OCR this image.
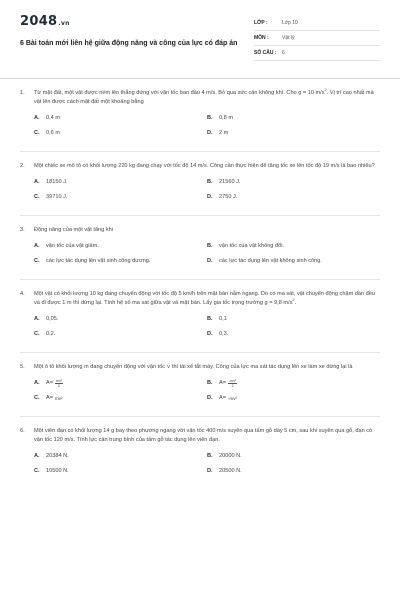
2048.vn
6 Bài toán mới liên hệ giữa động năng và công của lực có đáp án
LỚP :	Lớp 10
MÔN :	Vật lý
SỐ CÂU :	6
1.	Từ mặt đất, một vật được ném lên thẳng đứng với vận tốc ban đầu 4 m/s. Bỏ qua sức cản không khí. Cho g = 10 $m/s^2$. Vị trí cao nhất mà vật lên được cách mặt đất một khoảng bằng
A.	0,4 m	B.	0,8 m
C.	0,6 m	D.	2 m
2.	Một chiếc xe mô tô có khối lượng 220 kg đang chạy với tốc độ 14 m/s. Công cần thực hiện để tăng tốc xe lên tốc độ 19 m/s là bao nhiêu?
A.	18150 J.	B.	21560 J.
C.	39710 J.	D.	2750 J.
3.	Động năng của một vật tăng khi
A.	vận tốc của vật giảm.	B.	vận tốc của vật không đổi.
C.	các lực tác dụng lên vật sinh công dương.	D.	các lực tác dụng lên vật không sinh công.
4.	Một vật có khối lượng 10 kg đang chuyển động với tốc độ 5 km/h trên mặt bàn nằm ngang. Do có ma sát, vật chuyển động chậm dần đều và đi được 1 m thì dừng lại. Tính hệ số ma sát giữa vật và mặt bàn. Lấy gia tốc trọng trường g = 9,8 $m/s^2$.
A.	0,05.	B.	0,1
C.	0,2.	D.	0,3.
5.	Một ô tô khối lượng m đang chuyển động với vận tốc→ v thì tài xế tắt máy. Công của lực ma sát tác dụng lên xe làm xe dừng lại là
A.	$A= \frac{\text{mv²}}{2}$	B.	$A= \frac{\text{-mv²}}{2}$
C.	A= mv²	D.	A= -mv²
6.	Một viên đạn có khối lượng 14 g bay theo phương ngang với vận tốc 400 m/s xuyên qua tấm gỗ dày 5 cm, sau khi xuyên qua gỗ, đạn có vận tốc 120 m/s. Tính lực cản trung bình của tấm gỗ tác dụng lên viên đạn.
A.	20384 N.	B.	20000 N.
C.	10500 N.	D.	20500 N.
